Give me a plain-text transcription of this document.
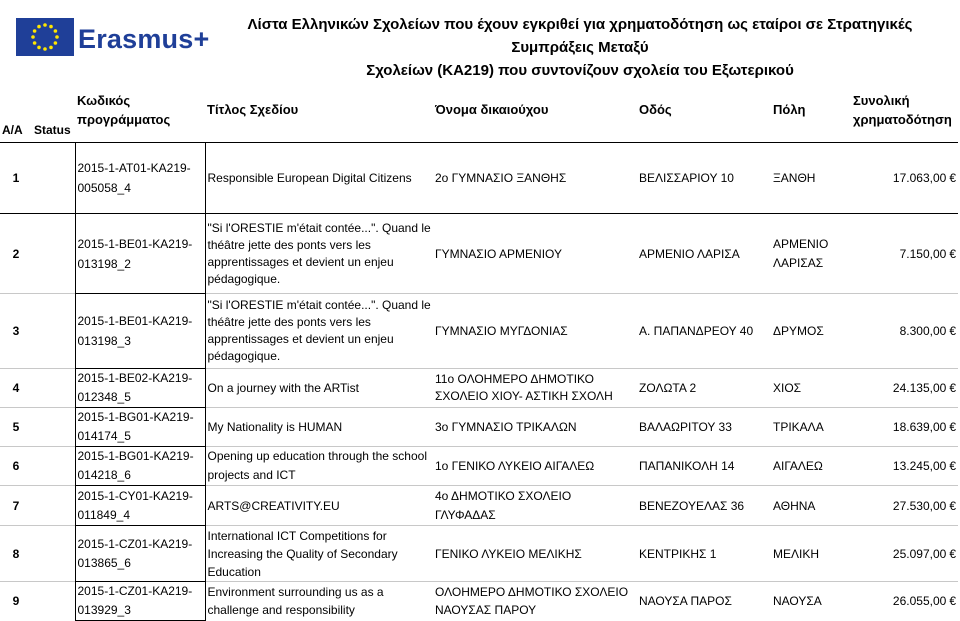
Erasmus+	Λίστα Ελληνικών Σχολείων που έχουν εγκριθεί για χρηματοδότηση ως εταίροι σε Στρατηγικές Συμπράξεις Μεταξύ
Σχολείων (ΚΑ219) που συντονίζουν σχολεία του Εξωτερικού
Α/Α	Status	Κωδικός προγράμματος	Τίτλος Σχεδίου	Όνομα δικαιούχου	Οδός	Πόλη	Συνολική χρηματοδότηση
1		2015-1-AT01-KA219-005058_4	Responsible European Digital Citizens	2ο ΓΥΜΝΑΣΙΟ ΞΑΝΘΗΣ	ΒΕΛΙΣΣΑΡΙΟΥ 10	ΞΑΝΘΗ	17.063,00 €
2		2015-1-BE01-KA219-013198_2	"Si l'ORESTIE m'était contée...". Quand le théâtre jette des ponts vers les apprentissages et devient un enjeu pédagogique.	ΓΥΜΝΑΣΙΟ ΑΡΜΕΝΙΟΥ	ΑΡΜΕΝΙΟ ΛΑΡΙΣΑ	ΑΡΜΕΝΙΟ ΛΑΡΙΣΑΣ	7.150,00 €
3		2015-1-BE01-KA219-013198_3	"Si l'ORESTIE m'était contée...". Quand le théâtre jette des ponts vers les apprentissages et devient un enjeu pédagogique.	ΓΥΜΝΑΣΙΟ ΜΥΓΔΟΝΙΑΣ	Α. ΠΑΠΑΝΔΡΕΟΥ 40	ΔΡΥΜΟΣ	8.300,00 €
4		2015-1-BE02-KA219-012348_5	On a journey with the ARTist	11ο ΟΛΟΗΜΕΡΟ ΔΗΜΟΤΙΚΟ ΣΧΟΛΕΙΟ ΧΙΟΥ- ΑΣΤΙΚΗ ΣΧΟΛΗ	ΖΟΛΩΤΑ 2	ΧΙΟΣ	24.135,00 €
5		2015-1-BG01-KA219-014174_5	My Nationality is HUMAN	3ο ΓΥΜΝΑΣΙΟ ΤΡΙΚΑΛΩΝ	ΒΑΛΑΩΡΙΤΟΥ 33	ΤΡΙΚΑΛΑ	18.639,00 €
6		2015-1-BG01-KA219-014218_6	Opening up education through the school projects and ICT	1ο ΓΕΝΙΚΟ ΛΥΚΕΙΟ ΑΙΓΑΛΕΩ	ΠΑΠΑΝΙΚΟΛΗ 14	ΑΙΓΑΛΕΩ	13.245,00 €
7		2015-1-CY01-KA219-011849_4	ARTS@CREATIVITY.EU	4ο ΔΗΜΟΤΙΚΟ ΣΧΟΛΕΙΟ ΓΛΥΦΑΔΑΣ	ΒΕΝΕΖΟΥΕΛΑΣ 36	ΑΘΗΝΑ	27.530,00 €
8		2015-1-CZ01-KA219-013865_6	International ICT Competitions for Increasing the Quality of Secondary Education	ΓΕΝΙΚΟ ΛΥΚΕΙΟ ΜΕΛΙΚΗΣ	ΚΕΝΤΡΙΚΗΣ 1	ΜΕΛΙΚΗ	25.097,00 €
9		2015-1-CZ01-KA219-013929_3	Environment surrounding us as a challenge and responsibility	ΟΛΟΗΜΕΡΟ ΔΗΜΟΤΙΚΟ ΣΧΟΛΕΙΟ ΝΑΟΥΣΑΣ ΠΑΡΟΥ	ΝΑΟΥΣΑ ΠΑΡΟΣ	ΝΑΟΥΣΑ	26.055,00 €
